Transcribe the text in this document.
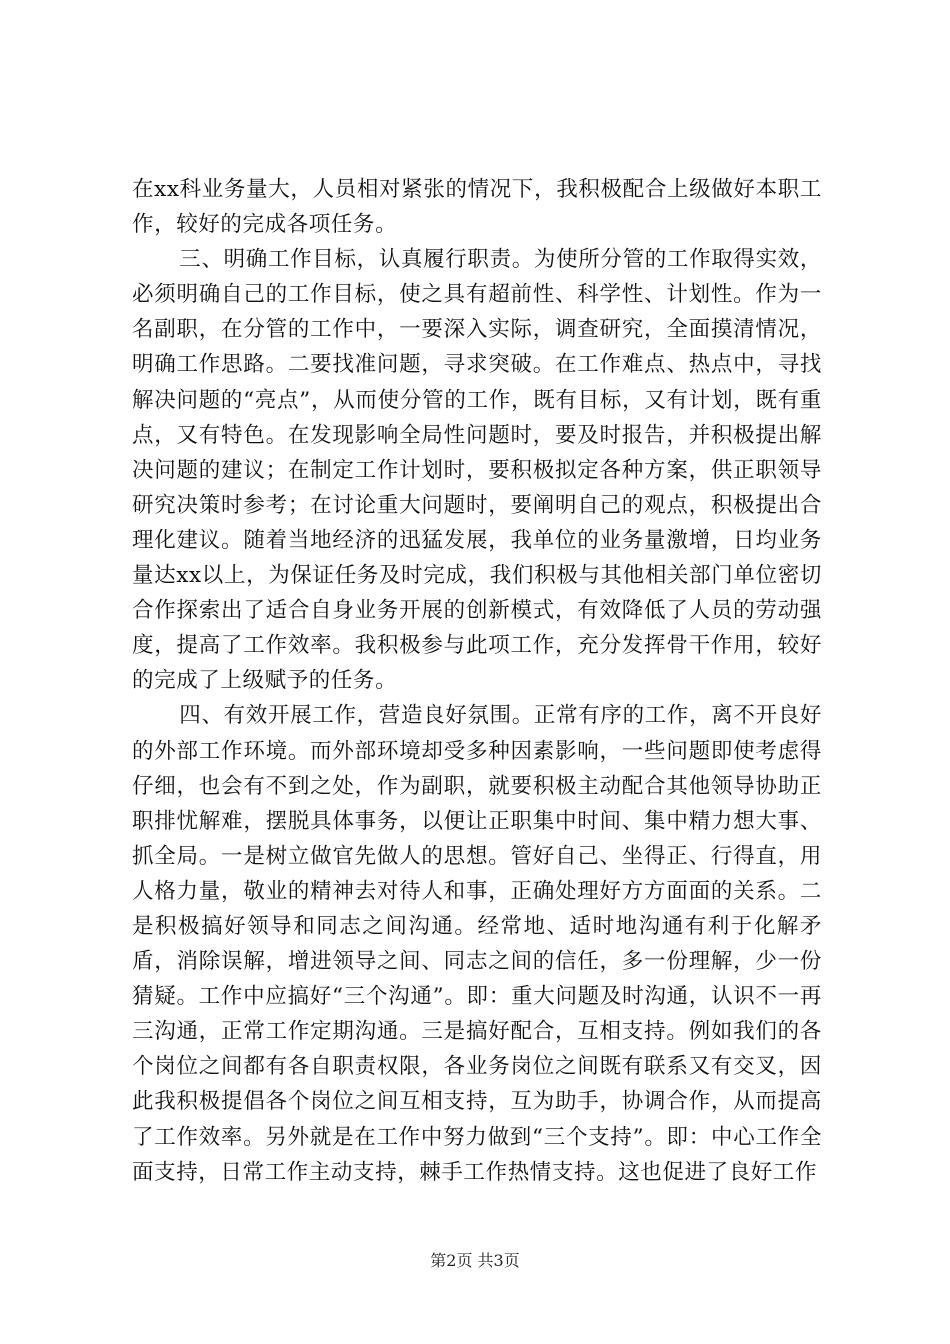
在xx科业务量大，人员相对紧张的情况下，我积极配合上级做好本职工作，较好的完成各项任务。

三、明确工作目标，认真履行职责。为使所分管的工作取得实效，必须明确自己的工作目标，使之具有超前性、科学性、计划性。作为一名副职，在分管的工作中，一要深入实际，调查研究，全面摸清情况，明确工作思路。二要找准问题，寻求突破。在工作难点、热点中，寻找解决问题的“亮点”，从而使分管的工作，既有目标，又有计划，既有重点，又有特色。在发现影响全局性问题时，要及时报告，并积极提出解决问题的建议；在制定工作计划时，要积极拟定各种方案，供正职领导研究决策时参考；在讨论重大问题时，要阐明自己的观点，积极提出合理化建议。随着当地经济的迅猛发展，我单位的业务量激增，日均业务量达xx以上，为保证任务及时完成，我们积极与其他相关部门单位密切合作探索出了适合自身业务开展的创新模式，有效降低了人员的劳动强度，提高了工作效率。我积极参与此项工作，充分发挥骨干作用，较好的完成了上级赋予的任务。

四、有效开展工作，营造良好氛围。正常有序的工作，离不开良好的外部工作环境。而外部环境却受多种因素影响，一些问题即使考虑得仔细，也会有不到之处，作为副职，就要积极主动配合其他领导协助正职排忧解难，摆脱具体事务，以便让正职集中时间、集中精力想大事、抓全局。一是树立做官先做人的思想。管好自己、坐得正、行得直，用人格力量，敬业的精神去对待人和事，正确处理好方方面面的关系。二是积极搞好领导和同志之间沟通。经常地、适时地沟通有利于化解矛盾，消除误解，增进领导之间、同志之间的信任，多一份理解，少一份猜疑。工作中应搞好“三个沟通”。即：重大问题及时沟通，认识不一再三沟通，正常工作定期沟通。三是搞好配合，互相支持。例如我们的各个岗位之间都有各自职责权限，各业务岗位之间既有联系又有交叉，因此我积极提倡各个岗位之间互相支持，互为助手，协调合作，从而提高了工作效率。另外就是在工作中努力做到“三个支持”。即：中心工作全面支持，日常工作主动支持，棘手工作热情支持。这也促进了良好工作

第2页 共3页
